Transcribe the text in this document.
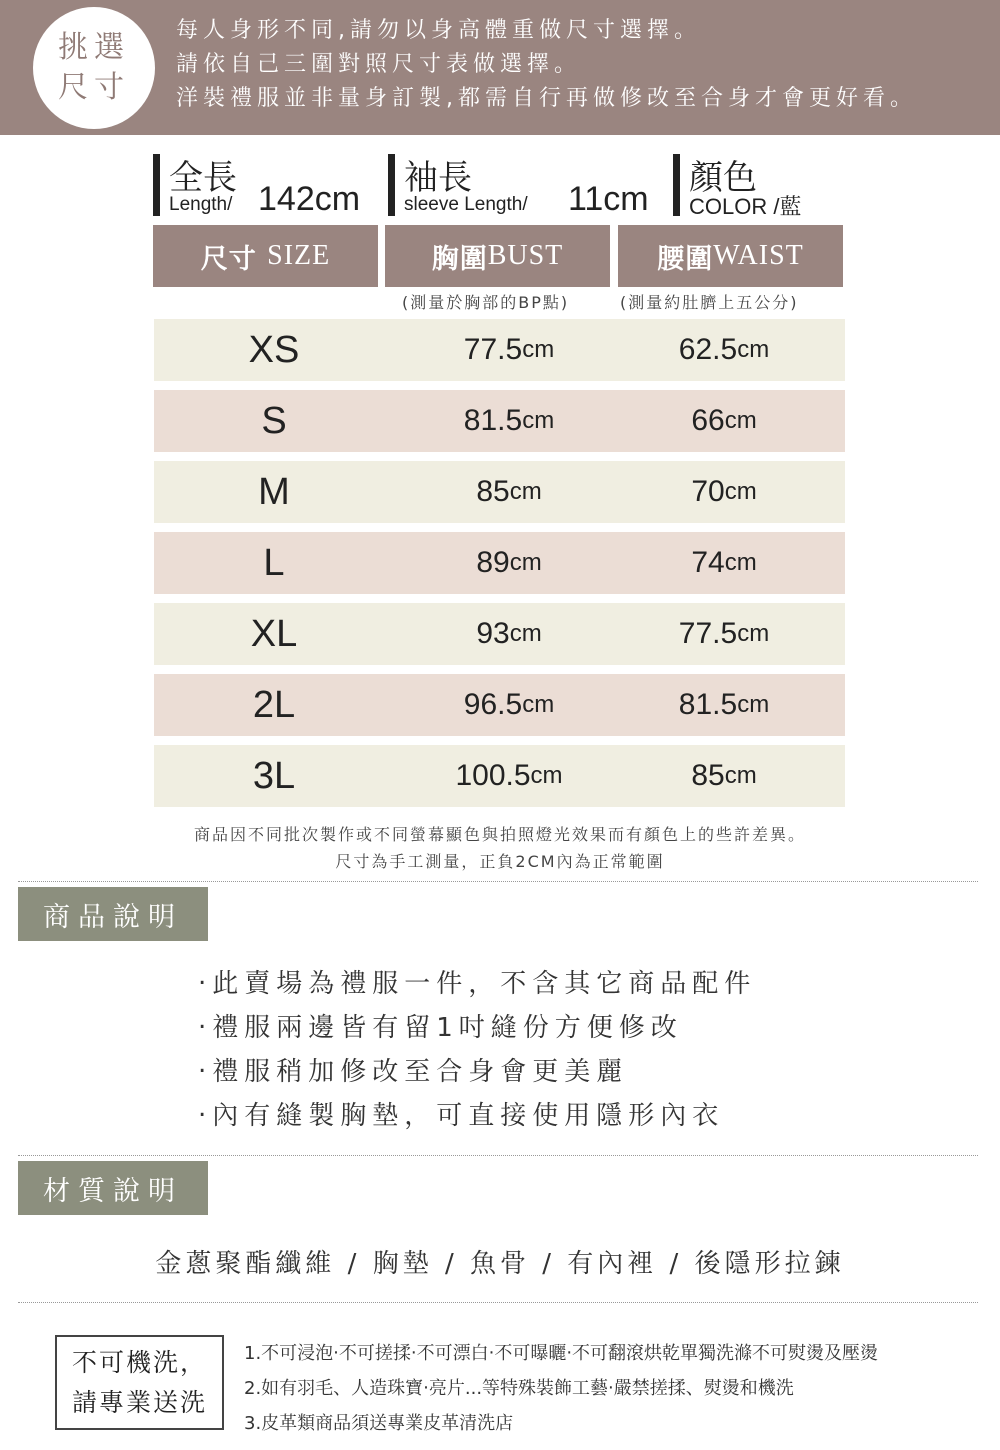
挑選
尺寸
每人身形不同,請勿以身高體重做尺寸選擇。
請依自己三圍對照尺寸表做選擇。
洋裝禮服並非量身訂製,都需自行再做修改至合身才會更好看。
全長
Length/ 142cm
袖長
sleeve Length/ 11cm
顏色
COLOR /藍
尺寸
SIZE	胸圍 BUST	腰圍 WAIST
(測量於胸部的BP點)	(測量約肚臍上五公分)
XS	77.5 cm	62.5 cm
S	81.5 cm	66 cm
M	85 cm	70 cm
L	89 cm	74 cm
XL	93 cm	77.5 cm
2L	96.5 cm	81.5 cm
3L	100.5 cm	85 cm
商品因不同批次製作或不同螢幕顯色與拍照燈光效果而有顏色上的些許差異。
尺寸為手工測量，正負2CM內為正常範圍
商品說明
‧此賣場為禮服一件，不含其它商品配件
‧禮服兩邊皆有留1吋縫份方便修改
‧禮服稍加修改至合身會更美麗
‧內有縫製胸墊，可直接使用隱形內衣
材質說明
金蔥聚酯纖維 / 胸墊 / 魚骨 / 有內裡 / 後隱形拉鍊
不可機洗，
請專業送洗
1.不可浸泡‧不可搓揉‧不可漂白‧不可曝曬‧不可翻滾烘乾單獨洗滌不可熨燙及壓燙
2.如有羽毛、人造珠寶‧亮片...等特殊裝飾工藝‧嚴禁搓揉、熨燙和機洗
3.皮革類商品須送專業皮革清洗店
